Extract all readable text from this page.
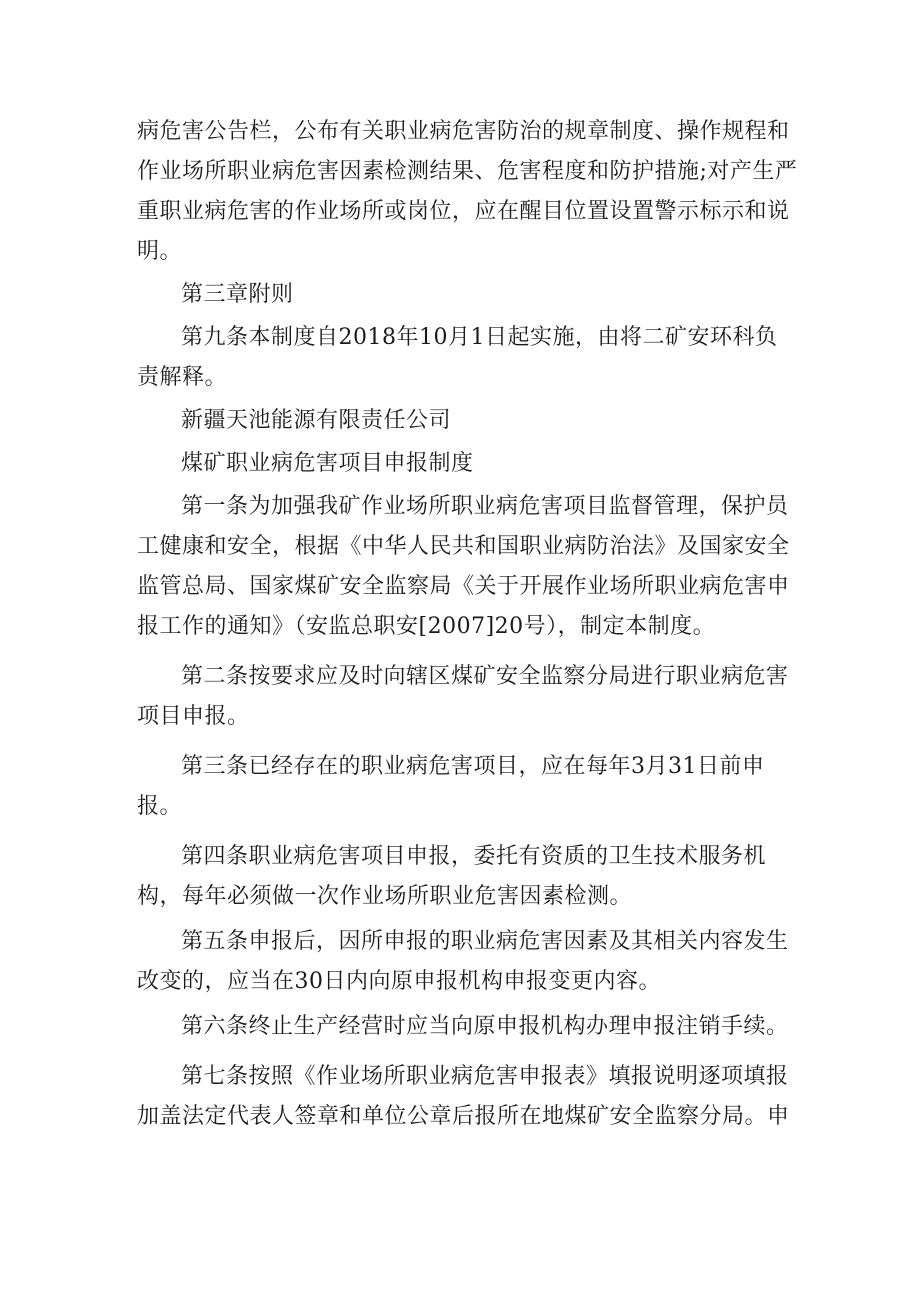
病危害公告栏，公布有关职业病危害防治的规章制度、操作规程和
作业场所职业病危害因素检测结果、危害程度和防护措施;对产生严
重职业病危害的作业场所或岗位，应在醒目位置设置警示标示和说
明。

第三章附则

第九条本制度自2018年10月1日起实施，由将二矿安环科负
责解释。

新疆天池能源有限责任公司

煤矿职业病危害项目申报制度

第一条为加强我矿作业场所职业病危害项目监督管理，保护员
工健康和安全，根据《中华人民共和国职业病防治法》及国家安全
监管总局、国家煤矿安全监察局《关于开展作业场所职业病危害申
报工作的通知》（安监总职安[2007]20号），制定本制度。

第二条按要求应及时向辖区煤矿安全监察分局进行职业病危害
项目申报。

第三条已经存在的职业病危害项目，应在每年3月31日前申
报。

第四条职业病危害项目申报，委托有资质的卫生技术服务机
构，每年必须做一次作业场所职业危害因素检测。

第五条申报后，因所申报的职业病危害因素及其相关内容发生
改变的，应当在30日内向原申报机构申报变更内容。

第六条终止生产经营时应当向原申报机构办理申报注销手续。

第七条按照《作业场所职业病危害申报表》填报说明逐项填报
加盖法定代表人签章和单位公章后报所在地煤矿安全监察分局。申
